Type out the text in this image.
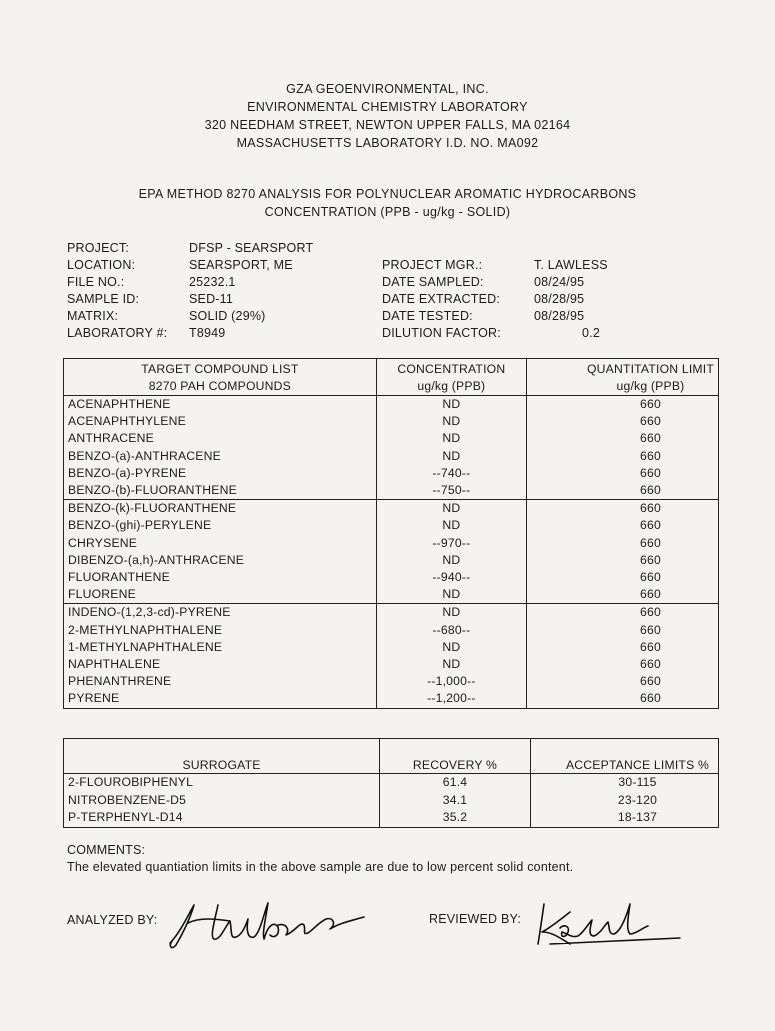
GZA GEOENVIRONMENTAL, INC.
ENVIRONMENTAL CHEMISTRY LABORATORY
320 NEEDHAM STREET, NEWTON UPPER FALLS, MA 02164
MASSACHUSETTS LABORATORY I.D. NO. MA092
EPA METHOD 8270 ANALYSIS FOR POLYNUCLEAR AROMATIC HYDROCARBONS
CONCENTRATION (PPB - ug/kg - SOLID)
PROJECT:	DFSP - SEARSPORT
LOCATION:	SEARSPORT, ME
FILE NO.:	25232.1
SAMPLE ID:	SED-11
MATRIX:	SOLID (29%)
LABORATORY #: T8949
PROJECT MGR.:	T. LAWLESS
DATE SAMPLED:	08/24/95
DATE EXTRACTED:	08/28/95
DATE TESTED:	08/28/95
DILUTION FACTOR:	0.2
TARGET COMPOUND LIST	CONCENTRATION	QUANTITATION LIMIT
8270 PAH COMPOUNDS	ug/kg (PPB)	ug/kg (PPB)
ACENAPHTHENE	ND	660
ACENAPHTHYLENE	ND	660
ANTHRACENE	ND	660
BENZO-(a)-ANTHRACENE	ND	660
BENZO-(a)-PYRENE	--740--	660
BENZO-(b)-FLUORANTHENE	--750--	660
BENZO-(k)-FLUORANTHENE	ND	660
BENZO-(ghi)-PERYLENE	ND	660
CHRYSENE	--970--	660
DIBENZO-(a,h)-ANTHRACENE	ND	660
FLUORANTHENE	--940--	660
FLUORENE	ND	660
INDENO-(1,2,3-cd)-PYRENE	ND	660
2-METHYLNAPHTHALENE	--680--	660
1-METHYLNAPHTHALENE	ND	660
NAPHTHALENE	ND	660
PHENANTHRENE	--1,000--	660
PYRENE	--1,200--	660

SURROGATE	RECOVERY %	ACCEPTANCE LIMITS %
2-FLOUROBIPHENYL	61.4	30-115
NITROBENZENE-D5	34.1	23-120
P-TERPHENYL-D14	35.2	18-137
COMMENTS:
The elevated quantiation limits in the above sample are due to low percent solid content.
ANALYZED BY:	REVIEWED BY:
